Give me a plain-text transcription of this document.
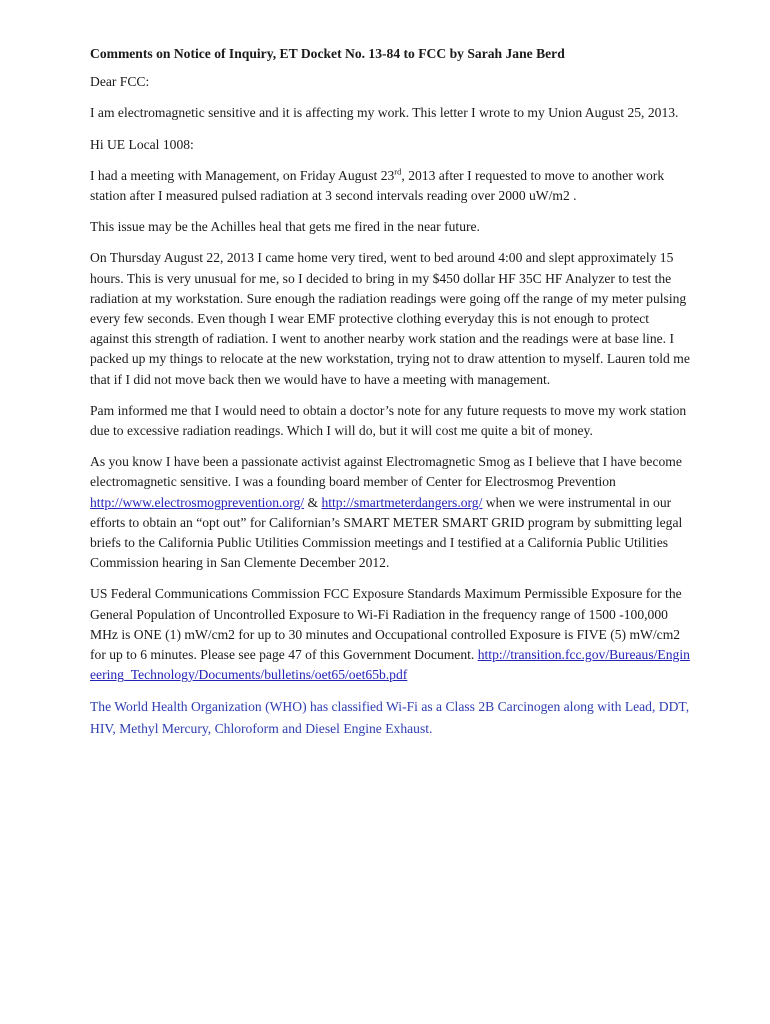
Comments on Notice of Inquiry, ET Docket No. 13-84 to FCC by Sarah Jane Berd

Dear FCC:

I am electromagnetic sensitive and it is affecting my work. This letter I wrote to my Union August 25, 2013.

Hi UE Local 1008:

I had a meeting with Management, on Friday August 23rd, 2013 after I requested to move to another work station after I measured pulsed radiation at 3 second intervals reading over 2000 uW/m2 .

This issue may be the Achilles heal that gets me fired in the near future.

On Thursday August 22, 2013 I came home very tired, went to bed around 4:00 and slept approximately 15 hours. This is very unusual for me, so I decided to bring in my $450 dollar HF 35C HF Analyzer to test the radiation at my workstation. Sure enough the radiation readings were going off the range of my meter pulsing every few seconds. Even though I wear EMF protective clothing everyday this is not enough to protect against this strength of radiation. I went to another nearby work station and the readings were at base line. I packed up my things to relocate at the new workstation, trying not to draw attention to myself. Lauren told me that if I did not move back then we would have to have a meeting with management.

Pam informed me that I would need to obtain a doctor’s note for any future requests to move my work station due to excessive radiation readings. Which I will do, but it will cost me quite a bit of money.

As you know I have been a passionate activist against Electromagnetic Smog as I believe that I have become electromagnetic sensitive. I was a founding board member of Center for Electrosmog Prevention http://www.electrosmogprevention.org/ & http://smartmeterdangers.org/ when we were instrumental in our efforts to obtain an “opt out” for Californian’s SMART METER SMART GRID program by submitting legal briefs to the California Public Utilities Commission meetings and I testified at a California Public Utilities Commission hearing in San Clemente December 2012.

US Federal Communications Commission FCC Exposure Standards Maximum Permissible Exposure for the General Population of Uncontrolled Exposure to Wi-Fi Radiation in the frequency range of 1500 -100,000 MHz is ONE (1) mW/cm2 for up to 30 minutes and Occupational controlled Exposure is FIVE (5) mW/cm2 for up to 6 minutes. Please see page 47 of this Government Document. http://transition.fcc.gov/Bureaus/Engineering_Technology/Documents/bulletins/oet65/oet65b.pdf

The World Health Organization (WHO) has classified Wi-Fi as a Class 2B Carcinogen along with Lead, DDT, HIV, Methyl Mercury, Chloroform and Diesel Engine Exhaust.
